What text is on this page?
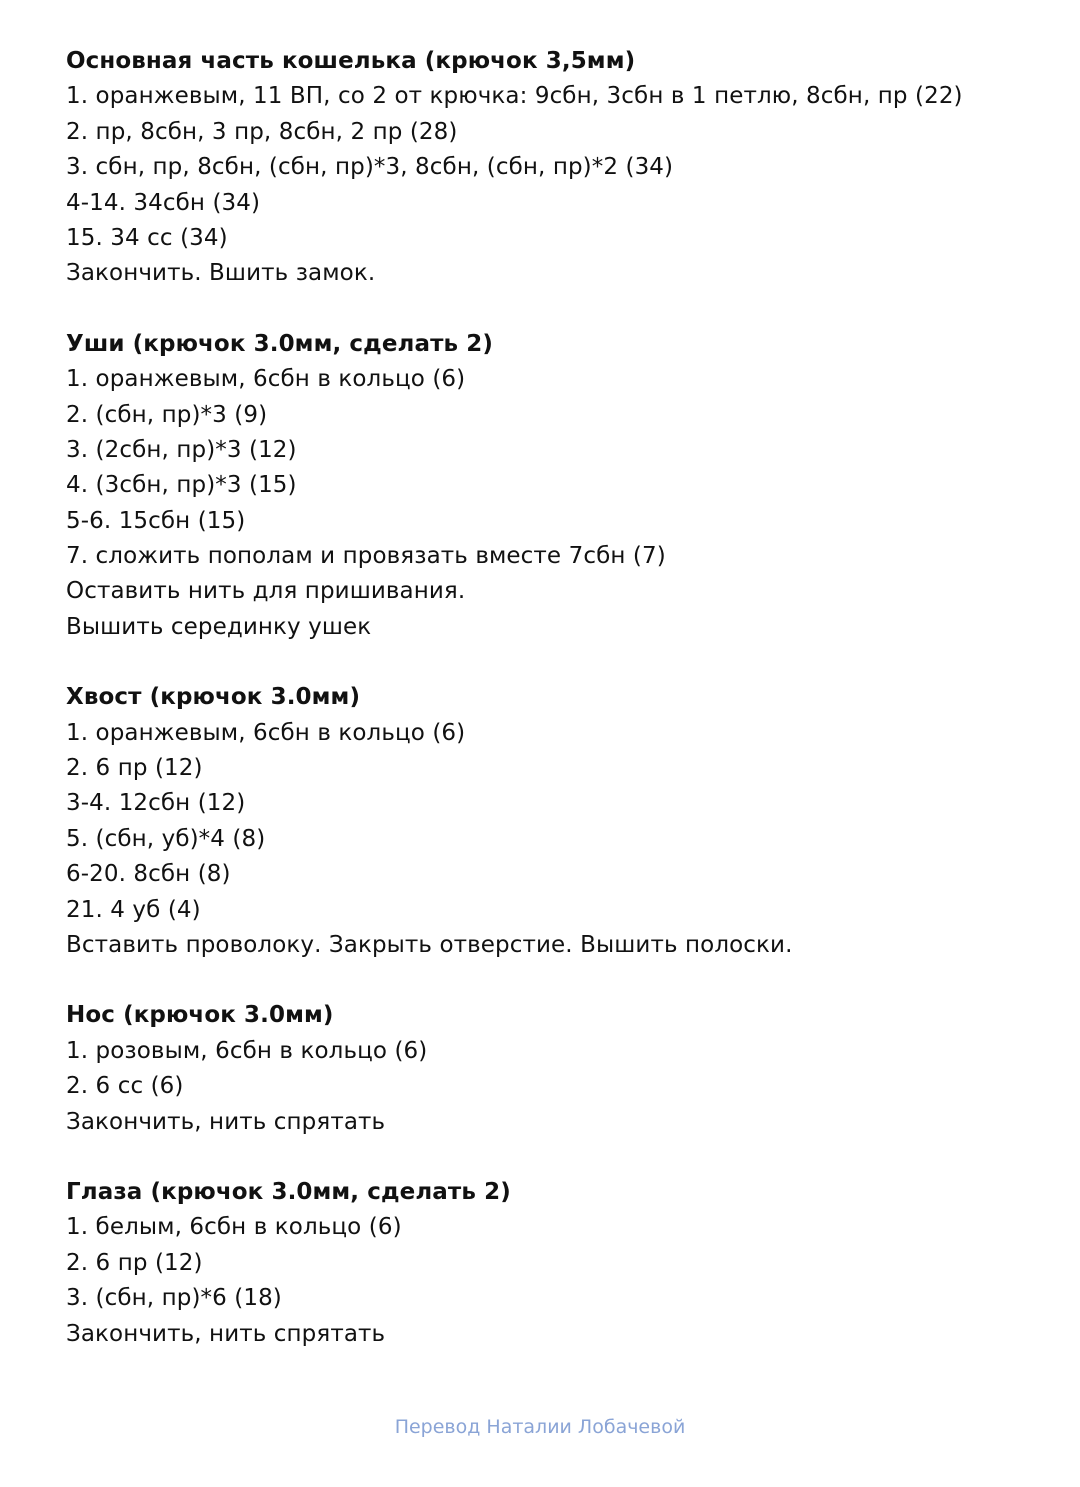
Основная часть кошелька (крючок 3,5мм)
1. оранжевым, 11 ВП, со 2 от крючка: 9сбн, 3сбн в 1 петлю, 8сбн, пр (22)
2. пр, 8сбн, 3 пр, 8сбн, 2 пр (28)
3. сбн, пр, 8сбн, (сбн, пр)*3, 8сбн, (сбн, пр)*2 (34)
4-14. 34сбн (34)
15. 34 сс (34)
Закончить. Вшить замок.
Уши (крючок 3.0мм, сделать 2)
1. оранжевым, 6сбн в кольцо (6)
2. (сбн, пр)*3 (9)
3. (2сбн, пр)*3 (12)
4. (3сбн, пр)*3 (15)
5-6. 15сбн (15)
7. сложить пополам и провязать вместе 7сбн (7)
Оставить нить для пришивания.
Вышить серединку ушек
Хвост (крючок 3.0мм)
1. оранжевым, 6сбн в кольцо (6)
2. 6 пр (12)
3-4. 12сбн (12)
5. (сбн, уб)*4 (8)
6-20. 8сбн (8)
21. 4 уб (4)
Вставить проволоку. Закрыть отверстие. Вышить полоски.
Нос (крючок 3.0мм)
1. розовым, 6сбн в кольцо (6)
2. 6 сс (6)
Закончить, нить спрятать
Глаза (крючок 3.0мм, сделать 2)
1. белым, 6сбн в кольцо (6)
2. 6 пр (12)
3. (сбн, пр)*6 (18)
Закончить, нить спрятать
Перевод Наталии Лобачевой
